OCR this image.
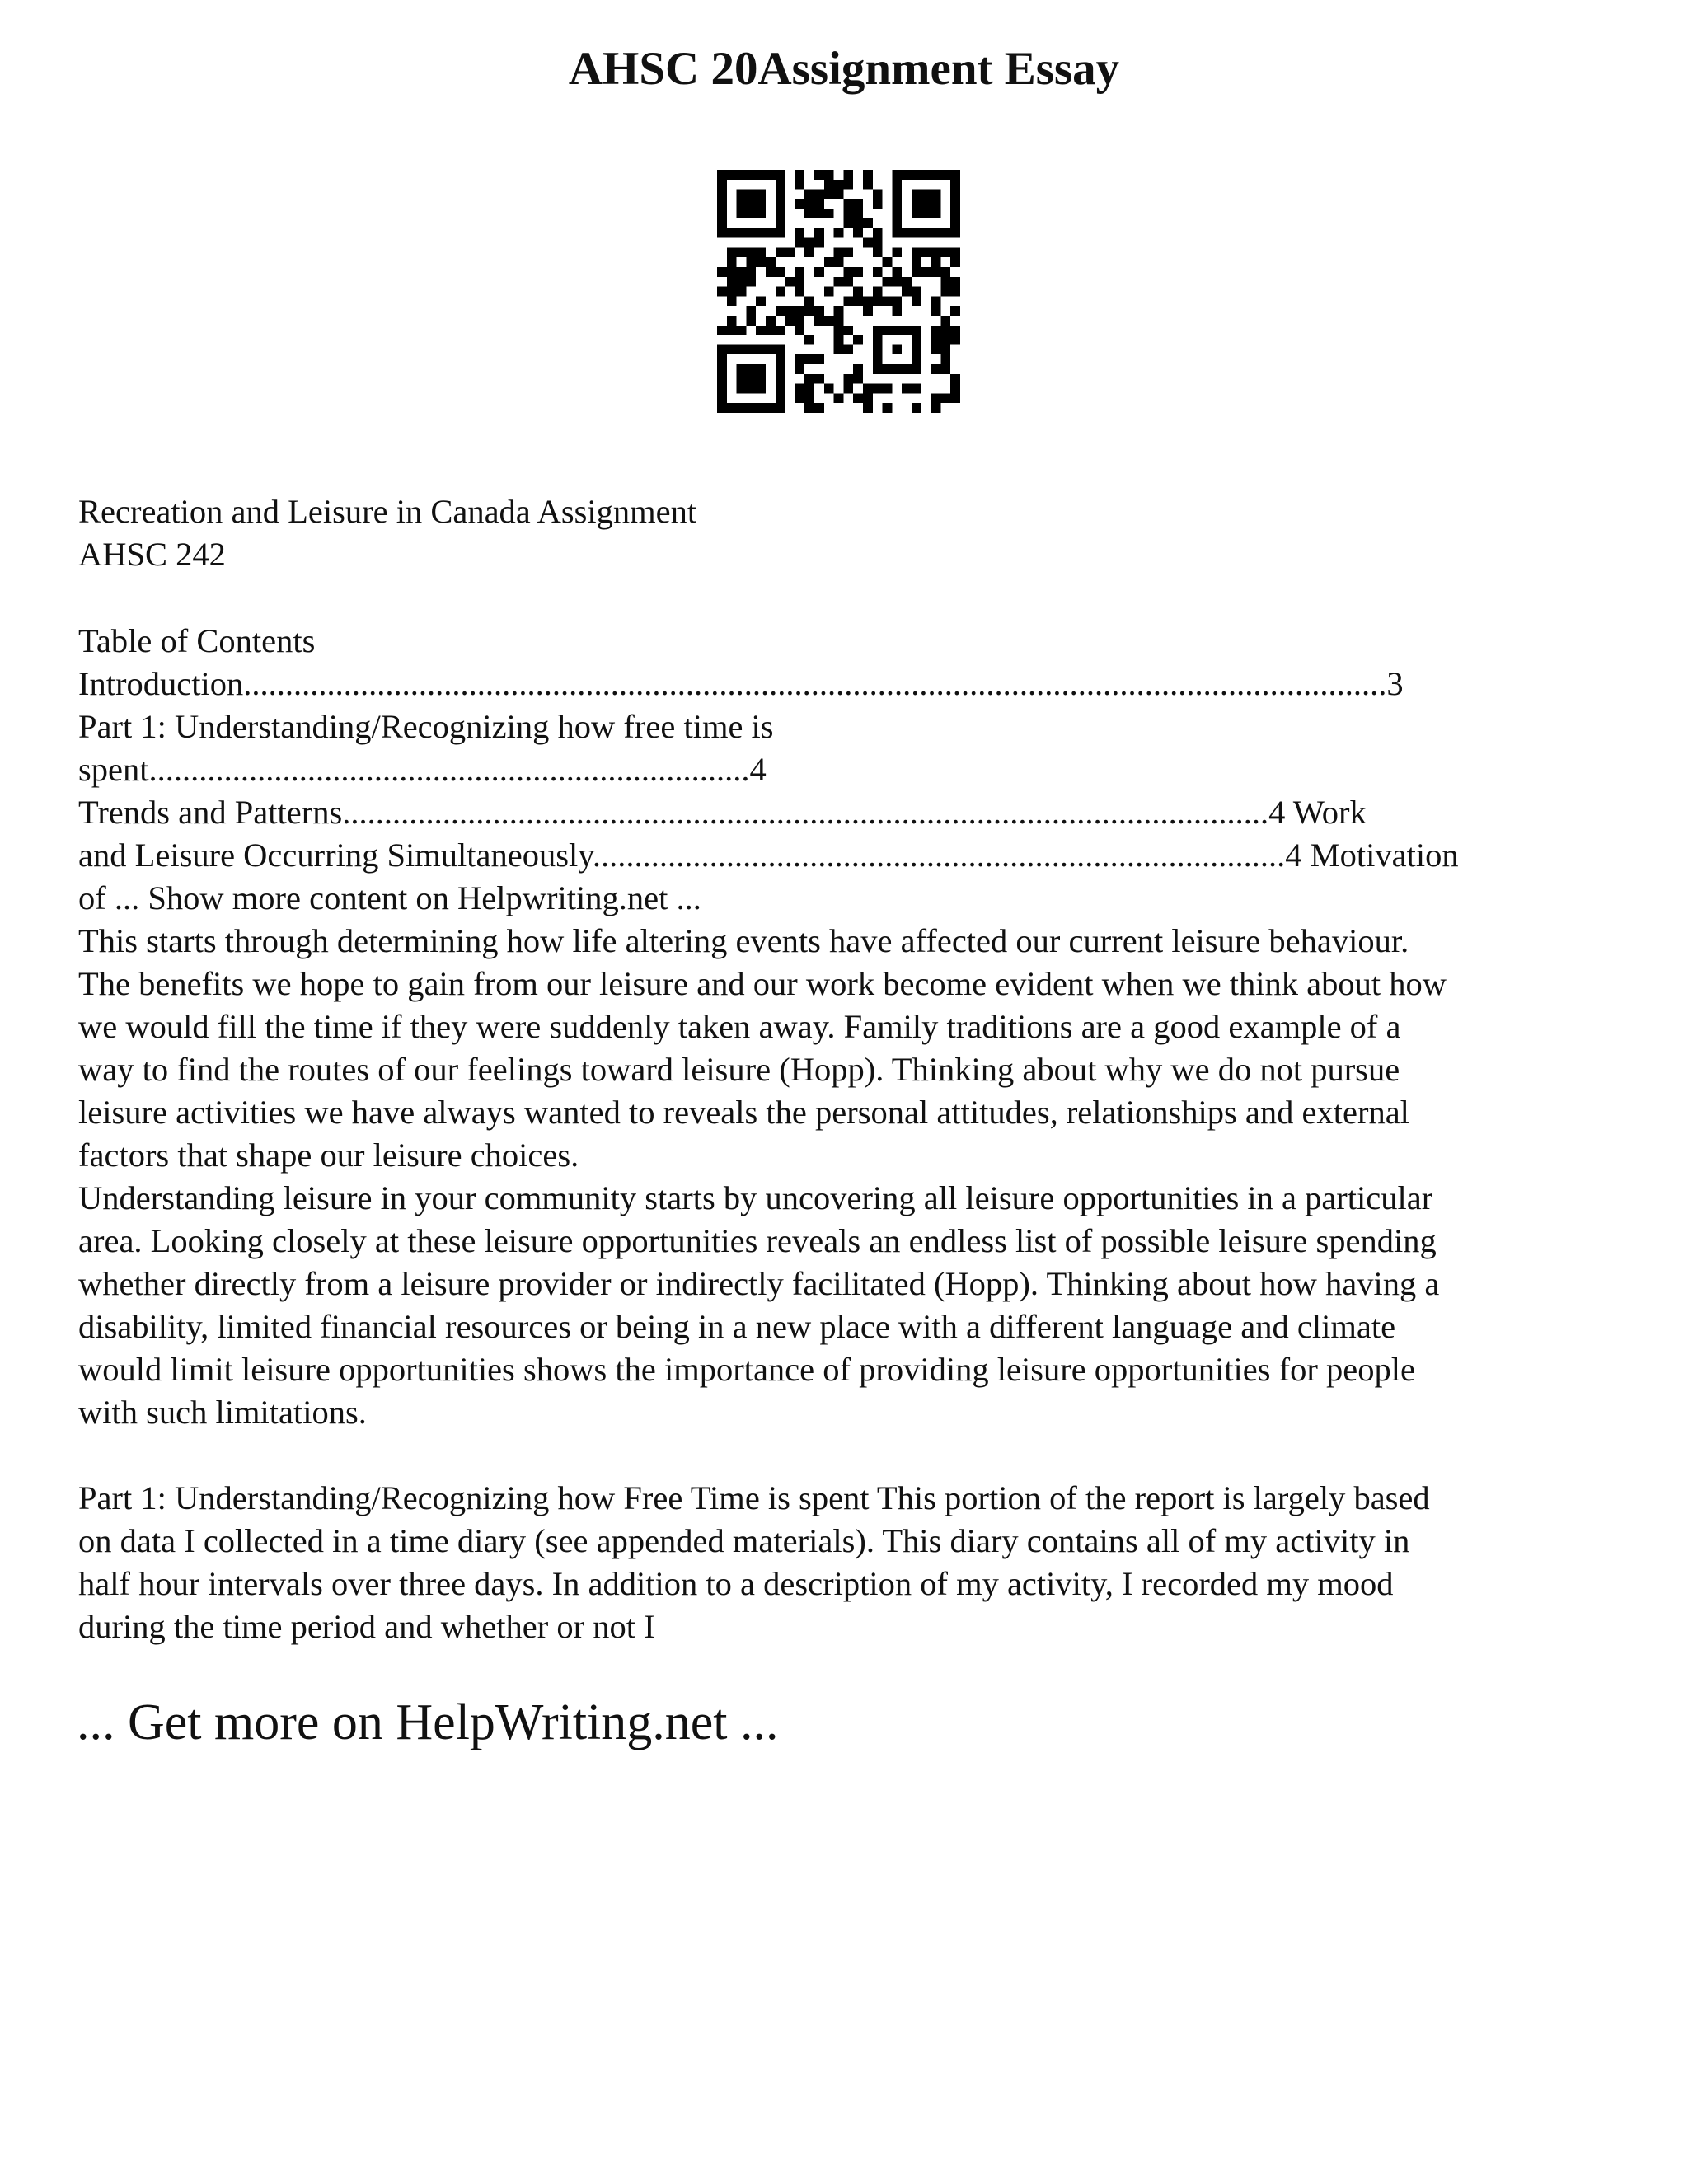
AHSC 20Assignment Essay

Recreation and Leisure in Canada Assignment

AHSC 242

Table of Contents

Introduction.........................................................................................................................................3

Part 1: Understanding/Recognizing how free time is

spent........................................................................4

Trends and Patterns...............................................................................................................4 Work

and Leisure Occurring Simultaneously...................................................................................4 Motivation

of ... Show more content on Helpwriting.net ...

This starts through determining how life altering events have affected our current leisure behaviour.

The benefits we hope to gain from our leisure and our work become evident when we think about how

we would fill the time if they were suddenly taken away. Family traditions are a good example of a

way to find the routes of our feelings toward leisure (Hopp). Thinking about why we do not pursue

leisure activities we have always wanted to reveals the personal attitudes, relationships and external

factors that shape our leisure choices.

Understanding leisure in your community starts by uncovering all leisure opportunities in a particular

area. Looking closely at these leisure opportunities reveals an endless list of possible leisure spending

whether directly from a leisure provider or indirectly facilitated (Hopp). Thinking about how having a

disability, limited financial resources or being in a new place with a different language and climate

would limit leisure opportunities shows the importance of providing leisure opportunities for people

with such limitations.

Part 1: Understanding/Recognizing how Free Time is spent This portion of the report is largely based

on data I collected in a time diary (see appended materials). This diary contains all of my activity in

half hour intervals over three days. In addition to a description of my activity, I recorded my mood

during the time period and whether or not I

... Get more on HelpWriting.net ...
